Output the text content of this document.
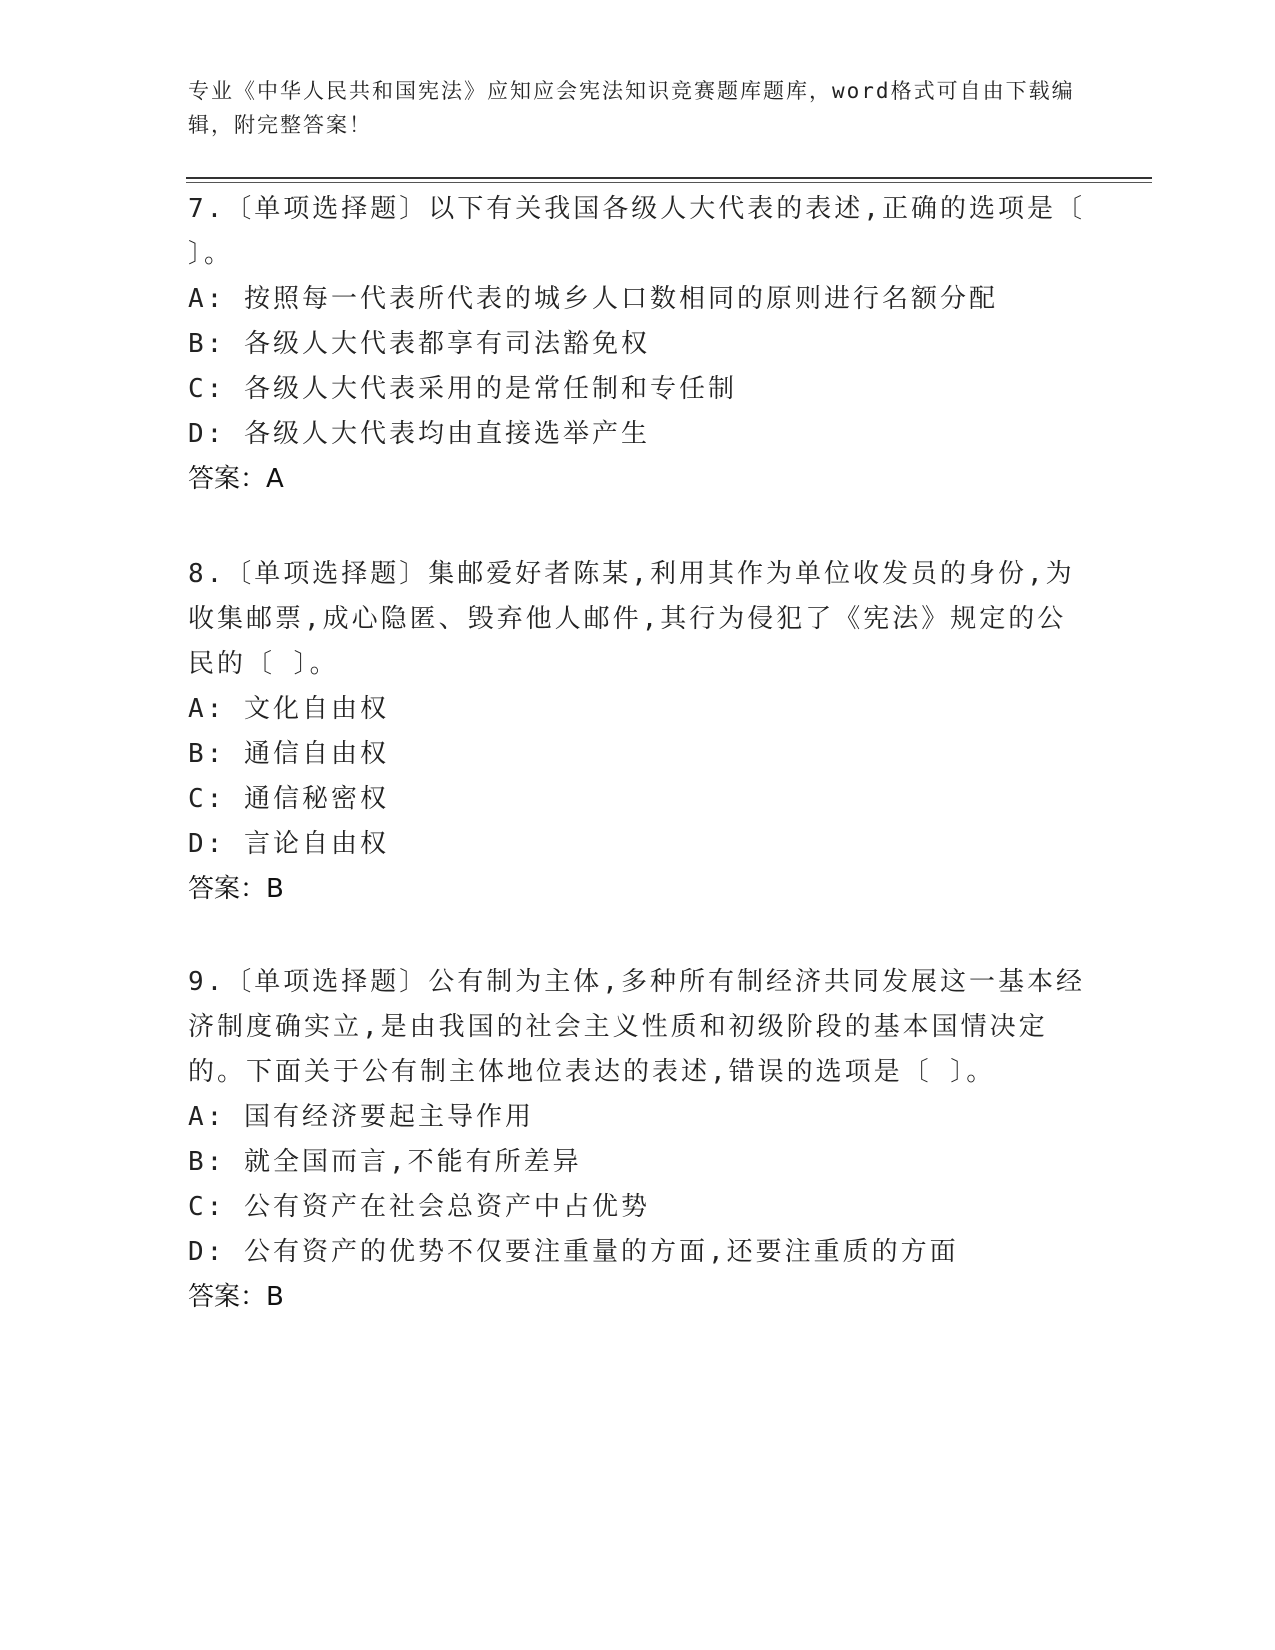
专业《中华人民共和国宪法》应知应会宪法知识竞赛题库题库，word格式可自由下载编辑，附完整答案！

7.〔单项选择题〕以下有关我国各级人大代表的表述,正确的选项是〔 〕。

A: 按照每一代表所代表的城乡人口数相同的原则进行名额分配

B: 各级人大代表都享有司法豁免权

C: 各级人大代表采用的是常任制和专任制

D: 各级人大代表均由直接选举产生

答案：A

8.〔单项选择题〕集邮爱好者陈某,利用其作为单位收发员的身份,为收集邮票,成心隐匿、毁弃他人邮件,其行为侵犯了《宪法》规定的公民的〔 〕。

A: 文化自由权

B: 通信自由权

C: 通信秘密权

D: 言论自由权

答案：B

9.〔单项选择题〕公有制为主体,多种所有制经济共同发展这一基本经济制度确实立,是由我国的社会主义性质和初级阶段的基本国情决定的。下面关于公有制主体地位表达的表述,错误的选项是〔 〕。

A: 国有经济要起主导作用

B: 就全国而言,不能有所差异

C: 公有资产在社会总资产中占优势

D: 公有资产的优势不仅要注重量的方面,还要注重质的方面

答案：B
